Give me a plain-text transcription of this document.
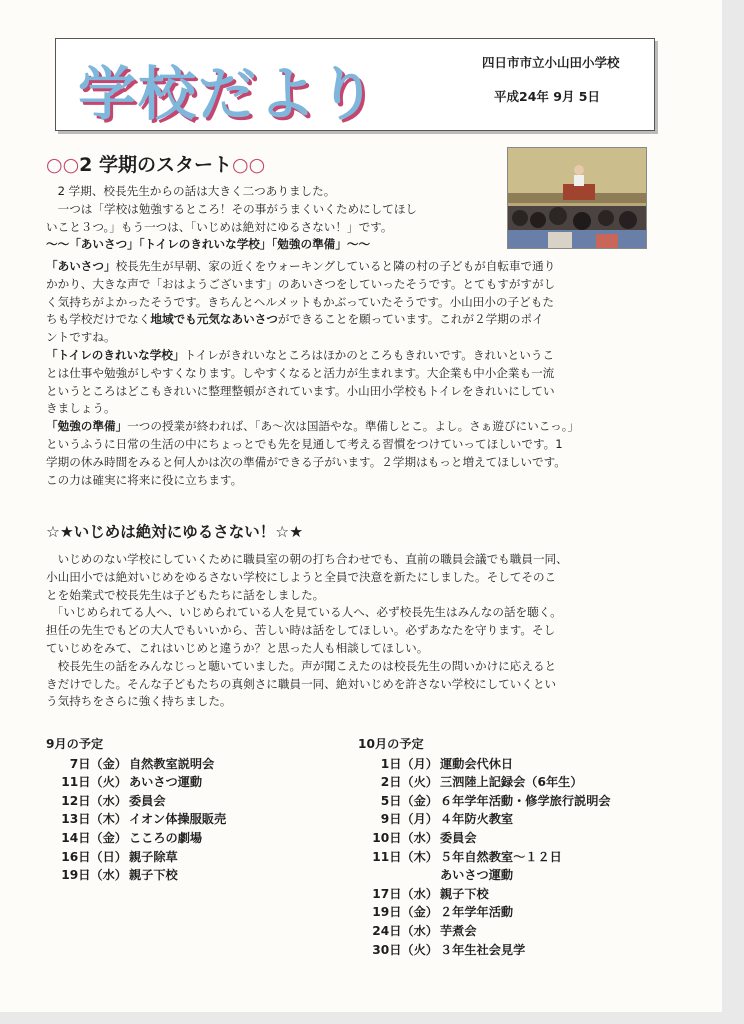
学校だより	四日市市立小山田小学校
平成24年 9月 5日
○○2 学期のスタート○○

　2 学期、校長先生からの話は大きく二つありました。

　一つは「学校は勉強するところ！その事がうまくいくためにしてほし

いこと３つ。」もう一つは、「いじめは絶対にゆるさない！」です。

～～「あいさつ」「トイレのきれいな学校」「勉強の準備」～～

「あいさつ」校長先生が早朝、家の近くをウォーキングしていると隣の村の子どもが自転車で通り

かかり、大きな声で「おはようございます」のあいさつをしていったそうです。とてもすがすがし

く気持ちがよかったそうです。きちんとヘルメットもかぶっていたそうです。小山田小の子どもた

ちも学校だけでなく地域でも元気なあいさつができることを願っています。これが２学期のポイ

ントですね。

「トイレのきれいな学校」トイレがきれいなところはほかのところもきれいです。きれいというこ

とは仕事や勉強がしやすくなります。しやすくなると活力が生まれます。大企業も中小企業も一流

というところはどこもきれいに整理整頓がされています。小山田小学校もトイレをきれいにしてい

きましょう。

「勉強の準備」一つの授業が終われば、「あ～次は国語やな。準備しとこ。よし。さぁ遊びにいこっ。」

というふうに日常の生活の中にちょっとでも先を見通して考える習慣をつけていってほしいです。1

学期の休み時間をみると何人かは次の準備ができる子がいます。２学期はもっと増えてほしいです。

この力は確実に将来に役に立ちます。

☆★いじめは絶対にゆるさない！☆★

　いじめのない学校にしていくために職員室の朝の打ち合わせでも、直前の職員会議でも職員一同、

小山田小では絶対いじめをゆるさない学校にしようと全員で決意を新たにしました。そしてそのこ

とを始業式で校長先生は子どもたちに話をしました。

　「いじめられてる人へ、いじめられている人を見ている人へ、必ず校長先生はみんなの話を聴く。

担任の先生でもどの大人でもいいから、苦しい時は話をしてほしい。必ずあなたを守ります。そし

ていじめをみて、これはいじめと違うか？と思った人も相談してほしい。

　校長先生の話をみんなじっと聴いていました。声が聞こえたのは校長先生の問いかけに応えると

きだけでした。そんな子どもたちの真剣さに職員一同、絶対いじめを許さない学校にしていくとい

う気持ちをさらに強く持ちました。

9月の予定
7日（金） 自然教室説明会
11日（火） あいさつ運動
12日（水） 委員会
13日（木） イオン体操服販売
14日（金） こころの劇場
16日（日） 親子除草
19日（水） 親子下校
10月の予定
1日（月） 運動会代休日
2日（火） 三泗陸上記録会（6年生）
5日（金） ６年学年活動・修学旅行説明会
9日（月） ４年防火教室
10日（水） 委員会
11日（木） ５年自然教室～１２日
あいさつ運動
17日（水） 親子下校
19日（金） ２年学年活動
24日（水） 芋煮会
30日（火） ３年生社会見学
